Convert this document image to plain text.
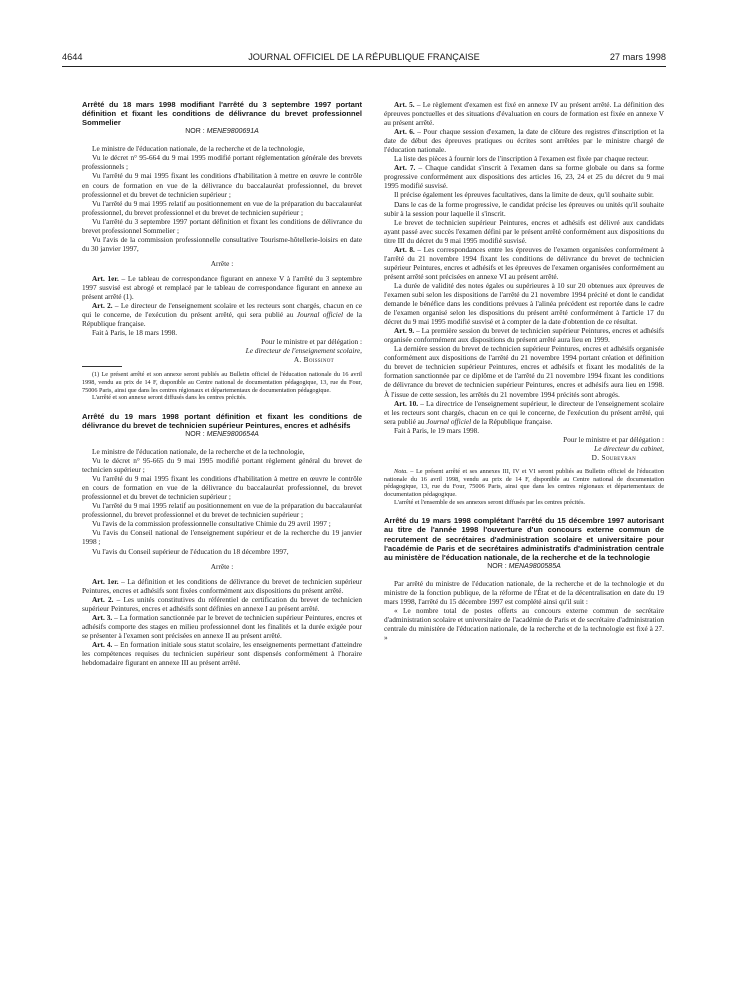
4644	JOURNAL OFFICIEL DE LA RÉPUBLIQUE FRANÇAISE	27 mars 1998

Arrêté du 18 mars 1998 modifiant l'arrêté du 3 septembre 1997 portant définition et fixant les conditions de délivrance du brevet professionnel Sommelier

NOR : MENE9800691A

Le ministre de l'éducation nationale, de la recherche et de la technologie,

Vu le décret n° 95-664 du 9 mai 1995 modifié portant réglementation générale des brevets professionnels ;

Vu l'arrêté du 9 mai 1995 fixant les conditions d'habilitation à mettre en œuvre le contrôle en cours de formation en vue de la délivrance du baccalauréat professionnel, du brevet professionnel et du brevet de technicien supérieur ;

Vu l'arrêté du 9 mai 1995 relatif au positionnement en vue de la préparation du baccalauréat professionnel, du brevet professionnel et du brevet de technicien supérieur ;

Vu l'arrêté du 3 septembre 1997 portant définition et fixant les conditions de délivrance du brevet professionnel Sommelier ;

Vu l'avis de la commission professionnelle consultative Tourisme-hôtellerie-loisirs en date du 30 janvier 1997,

Arrête :

Art. 1er. – Le tableau de correspondance figurant en annexe V à l'arrêté du 3 septembre 1997 susvisé est abrogé et remplacé par le tableau de correspondance figurant en annexe au présent arrêté (1).

Art. 2. – Le directeur de l'enseignement scolaire et les recteurs sont chargés, chacun en ce qui le concerne, de l'exécution du présent arrêté, qui sera publié au Journal officiel de la République française.

Fait à Paris, le 18 mars 1998.

Pour le ministre et par délégation :

Le directeur de l'enseignement scolaire,

A. Boissinot

(1) Le présent arrêté et son annexe seront publiés au Bulletin officiel de l'éducation nationale du 16 avril 1998, vendu au prix de 14 F, disponible au Centre national de documentation pédagogique, 13, rue du Four, 75006 Paris, ainsi que dans les centres régionaux et départementaux de documentation pédagogique.

L'arrêté et son annexe seront diffusés dans les centres précités.

Arrêté du 19 mars 1998 portant définition et fixant les conditions de délivrance du brevet de technicien supérieur Peintures, encres et adhésifs

NOR : MENE9800654A

Le ministre de l'éducation nationale, de la recherche et de la technologie,

Vu le décret n° 95-665 du 9 mai 1995 modifié portant règlement général du brevet de technicien supérieur ;

Vu l'arrêté du 9 mai 1995 fixant les conditions d'habilitation à mettre en œuvre le contrôle en cours de formation en vue de la délivrance du baccalauréat professionnel, du brevet professionnel et du brevet de technicien supérieur ;

Vu l'arrêté du 9 mai 1995 relatif au positionnement en vue de la préparation du baccalauréat professionnel, du brevet professionnel et du brevet de technicien supérieur ;

Vu l'avis de la commission professionnelle consultative Chimie du 29 avril 1997 ;

Vu l'avis du Conseil national de l'enseignement supérieur et de la recherche du 19 janvier 1998 ;

Vu l'avis du Conseil supérieur de l'éducation du 18 décembre 1997,

Arrête :

Art. 1er. – La définition et les conditions de délivrance du brevet de technicien supérieur Peintures, encres et adhésifs sont fixées conformément aux dispositions du présent arrêté.

Art. 2. – Les unités constitutives du référentiel de certification du brevet de technicien supérieur Peintures, encres et adhésifs sont définies en annexe I au présent arrêté.

Art. 3. – La formation sanctionnée par le brevet de technicien supérieur Peintures, encres et adhésifs comporte des stages en milieu professionnel dont les finalités et la durée exigée pour se présenter à l'examen sont précisées en annexe II au présent arrêté.

Art. 4. – En formation initiale sous statut scolaire, les enseignements permettant d'atteindre les compétences requises du technicien supérieur sont dispensés conformément à l'horaire hebdomadaire figurant en annexe III au présent arrêté.

Art. 5. – Le règlement d'examen est fixé en annexe IV au présent arrêté. La définition des épreuves ponctuelles et des situations d'évaluation en cours de formation est fixée en annexe V au présent arrêté.

Art. 6. – Pour chaque session d'examen, la date de clôture des registres d'inscription et la date de début des épreuves pratiques ou écrites sont arrêtées par le ministre chargé de l'éducation nationale.

La liste des pièces à fournir lors de l'inscription à l'examen est fixée par chaque recteur.

Art. 7. – Chaque candidat s'inscrit à l'examen dans sa forme globale ou dans sa forme progressive conformément aux dispositions des articles 16, 23, 24 et 25 du décret du 9 mai 1995 modifié susvisé.

Il précise également les épreuves facultatives, dans la limite de deux, qu'il souhaite subir.

Dans le cas de la forme progressive, le candidat précise les épreuves ou unités qu'il souhaite subir à la session pour laquelle il s'inscrit.

Le brevet de technicien supérieur Peintures, encres et adhésifs est délivré aux candidats ayant passé avec succès l'examen défini par le présent arrêté conformément aux dispositions du titre III du décret du 9 mai 1995 modifié susvisé.

Art. 8. – Les correspondances entre les épreuves de l'examen organisées conformément à l'arrêté du 21 novembre 1994 fixant les conditions de délivrance du brevet de technicien supérieur Peintures, encres et adhésifs et les épreuves de l'examen organisées conformément au présent arrêté sont précisées en annexe VI au présent arrêté.

La durée de validité des notes égales ou supérieures à 10 sur 20 obtenues aux épreuves de l'examen subi selon les dispositions de l'arrêté du 21 novembre 1994 précité et dont le candidat demande le bénéfice dans les conditions prévues à l'alinéa précédent est reportée dans le cadre de l'examen organisé selon les dispositions du présent arrêté conformément à l'article 17 du décret du 9 mai 1995 modifié susvisé et à compter de la date d'obtention de ce résultat.

Art. 9. – La première session du brevet de technicien supérieur Peintures, encres et adhésifs organisée conformément aux dispositions du présent arrêté aura lieu en 1999.

La dernière session du brevet de technicien supérieur Peintures, encres et adhésifs organisée conformément aux dispositions de l'arrêté du 21 novembre 1994 portant création et définition du brevet de technicien supérieur Peintures, encres et adhésifs et fixant les modalités de la formation sanctionnée par ce diplôme et de l'arrêté du 21 novembre 1994 fixant les conditions de délivrance du brevet de technicien supérieur Peintures, encres et adhésifs aura lieu en 1998. À l'issue de cette session, les arrêtés du 21 novembre 1994 précités sont abrogés.

Art. 10. – La directrice de l'enseignement supérieur, le directeur de l'enseignement scolaire et les recteurs sont chargés, chacun en ce qui le concerne, de l'exécution du présent arrêté, qui sera publié au Journal officiel de la République française.

Fait à Paris, le 19 mars 1998.

Pour le ministre et par délégation :

Le directeur du cabinet,

D. Soubeyran

Nota. – Le présent arrêté et ses annexes III, IV et VI seront publiés au Bulletin officiel de l'éducation nationale du 16 avril 1998, vendu au prix de 14 F, disponible au Centre national de documentation pédagogique, 13, rue du Four, 75006 Paris, ainsi que dans les centres régionaux et départementaux de documentation pédagogique.

L'arrêté et l'ensemble de ses annexes seront diffusés par les centres précités.

Arrêté du 19 mars 1998 complétant l'arrêté du 15 décembre 1997 autorisant au titre de l'année 1998 l'ouverture d'un concours externe commun de recrutement de secrétaires d'administration scolaire et universitaire pour l'académie de Paris et de secrétaires administratifs d'administration centrale au ministère de l'éducation nationale, de la recherche et de la technologie

NOR : MENA9800585A

Par arrêté du ministre de l'éducation nationale, de la recherche et de la technologie et du ministre de la fonction publique, de la réforme de l'État et de la décentralisation en date du 19 mars 1998, l'arrêté du 15 décembre 1997 est complété ainsi qu'il suit :

« Le nombre total de postes offerts au concours externe commun de secrétaire d'administration scolaire et universitaire de l'académie de Paris et de secrétaire d'administration centrale du ministère de l'éducation nationale, de la recherche et de la technologie est fixé à 27. »
